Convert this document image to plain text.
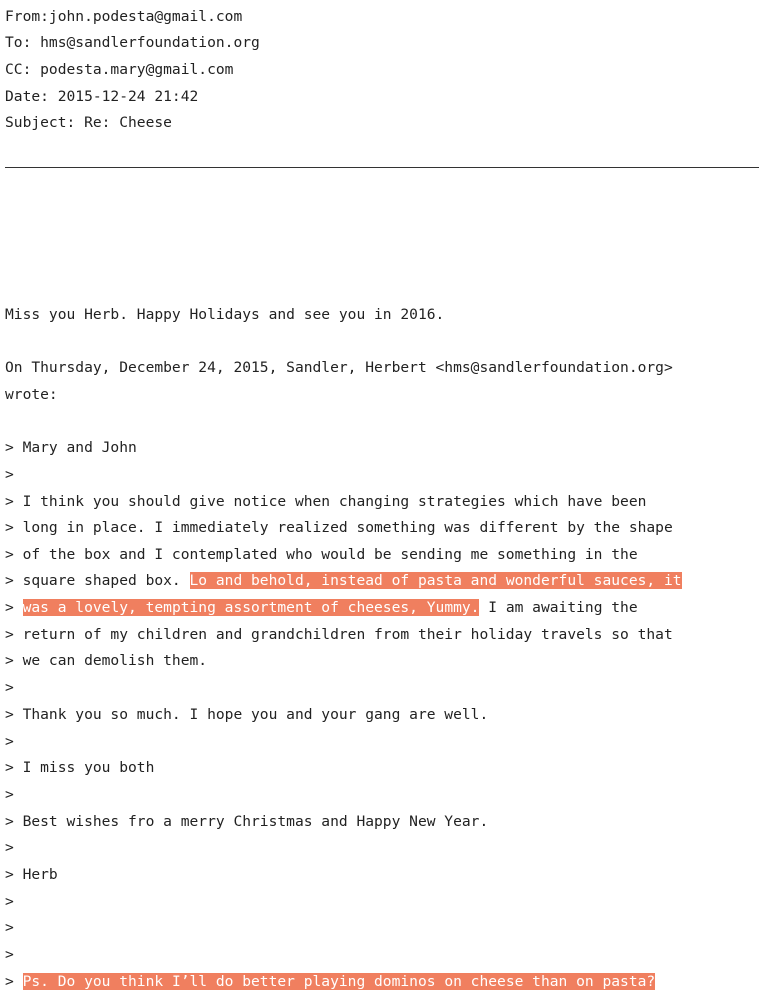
From:john.podesta@gmail.com
To: hms@sandlerfoundation.org
CC: podesta.mary@gmail.com
Date: 2015-12-24 21:42
Subject: Re: Cheese
Miss you Herb. Happy Holidays and see you in 2016.
On Thursday, December 24, 2015, Sandler, Herbert <hms@sandlerfoundation.org>
wrote:
> Mary and John
>
> I think you should give notice when changing strategies which have been
> long in place. I immediately realized something was different by the shape
> of the box and I contemplated who would be sending me something in the
> square shaped box. Lo and behold, instead of pasta and wonderful sauces, it
> was a lovely, tempting assortment of cheeses, Yummy. I am awaiting the
> return of my children and grandchildren from their holiday travels so that
> we can demolish them.
>
> Thank you so much. I hope you and your gang are well.
>
> I miss you both
>
> Best wishes fro a merry Christmas and Happy New Year.
>
> Herb
>
>
>
> Ps. Do you think I’ll do better playing dominos on cheese than on pasta?
